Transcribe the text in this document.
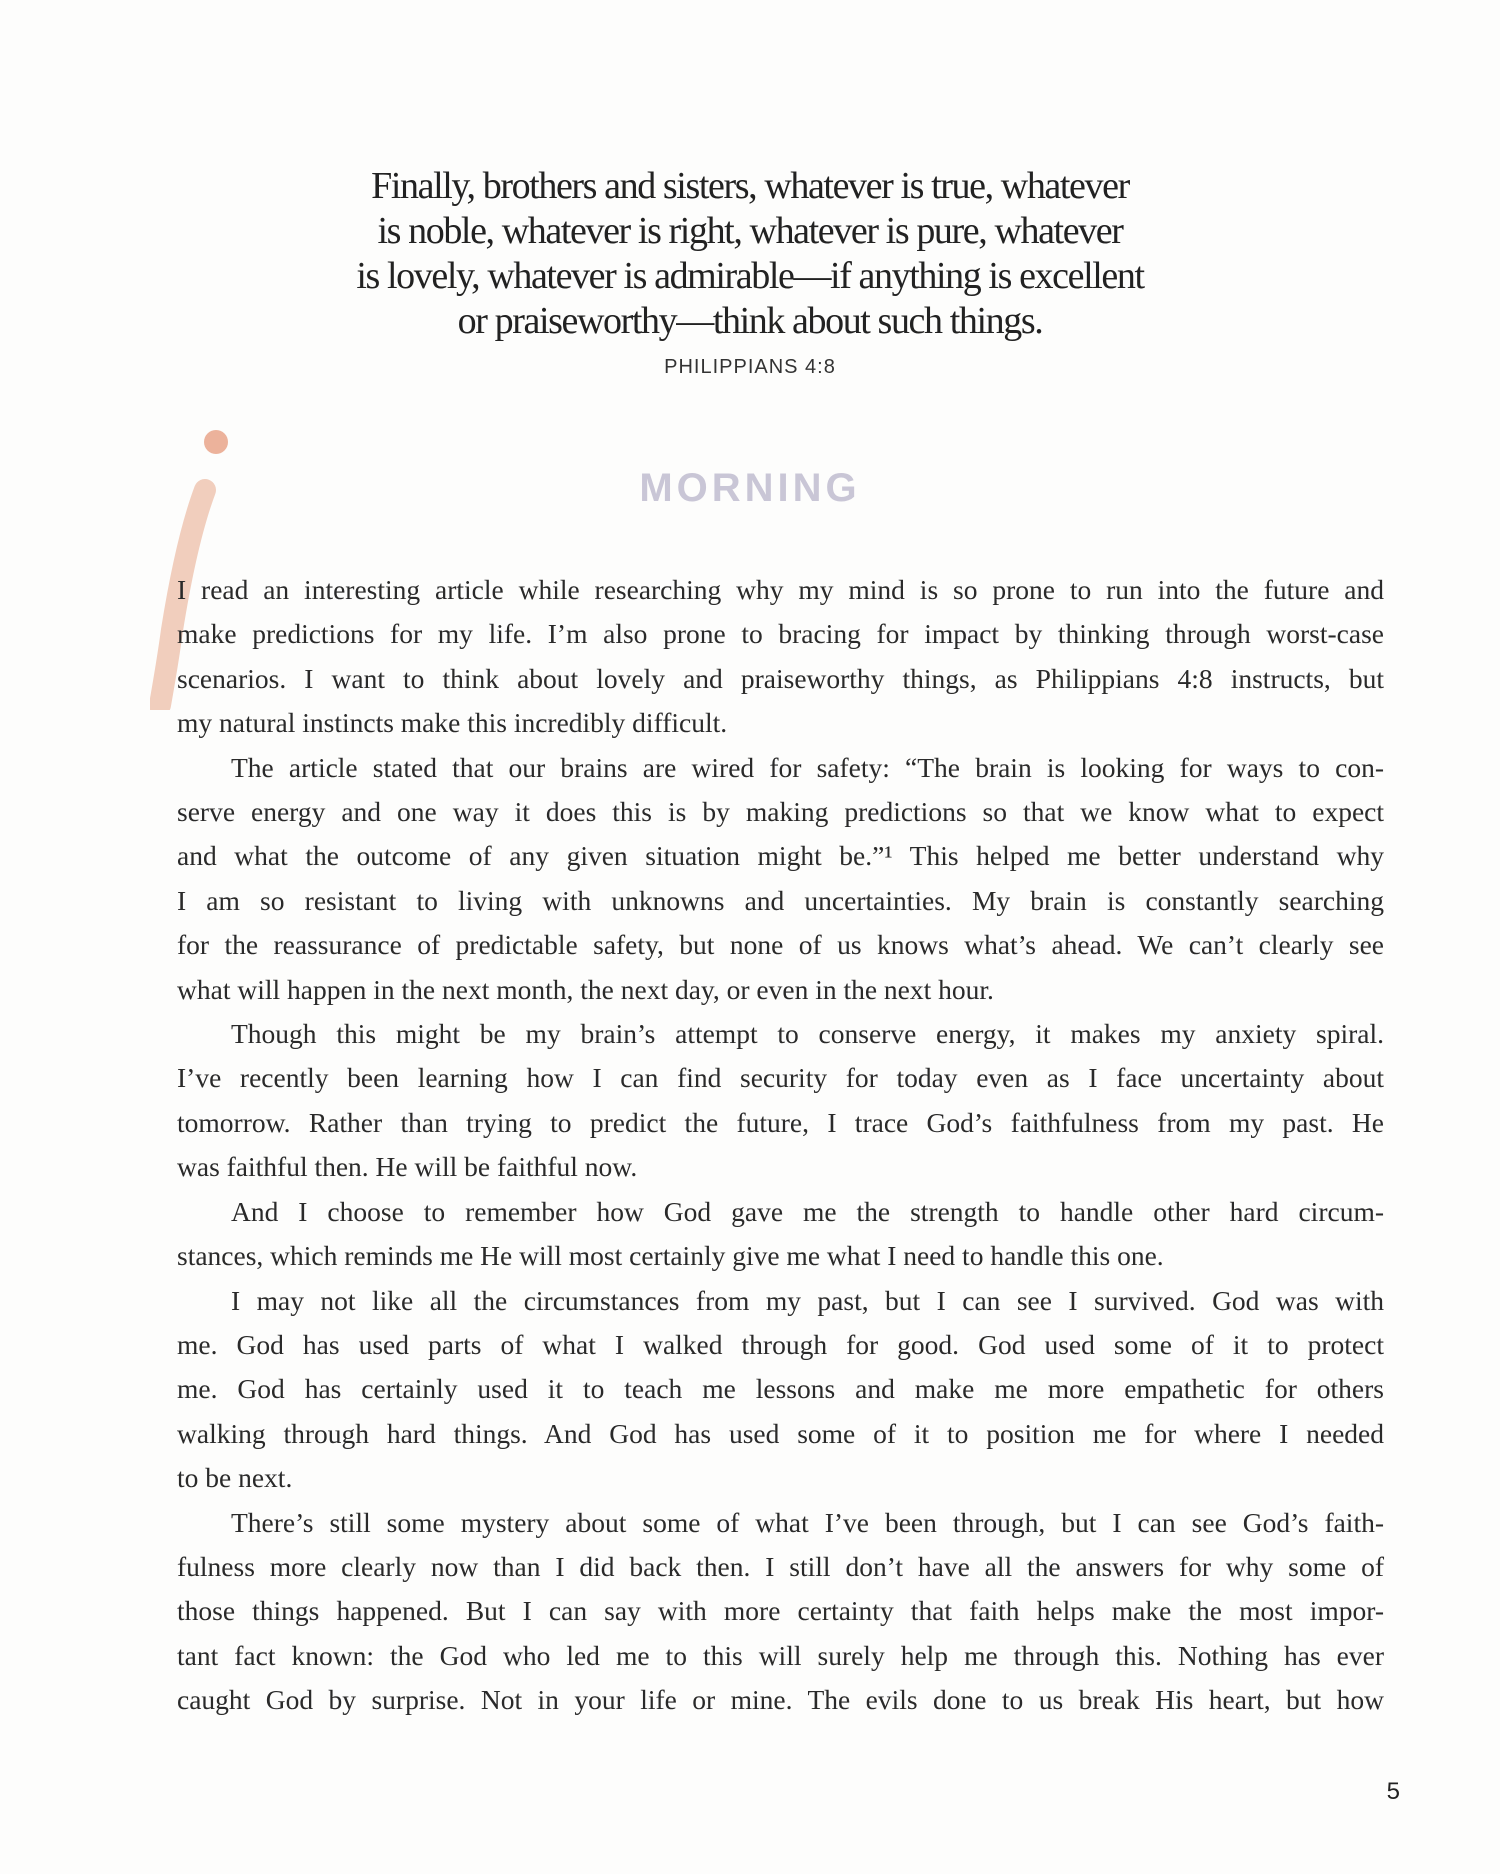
Finally, brothers and sisters, whatever is true, whatever
is noble, whatever is right, whatever is pure, whatever
is lovely, whatever is admirable—if anything is excellent
or praiseworthy—think about such things.
PHILIPPIANS 4:8
MORNING

I read an interesting article while researching why my mind is so prone to run into the future and
make predictions for my life. I’m also prone to bracing for impact by thinking through worst-case
scenarios. I want to think about lovely and praiseworthy things, as Philippians 4:8 instructs, but
my natural instincts make this incredibly difficult.

The article stated that our brains are wired for safety: “The brain is looking for ways to con-
serve energy and one way it does this is by making predictions so that we know what to expect
and what the outcome of any given situation might be.”¹ This helped me better understand why
I am so resistant to living with unknowns and uncertainties. My brain is constantly searching
for the reassurance of predictable safety, but none of us knows what’s ahead. We can’t clearly see
what will happen in the next month, the next day, or even in the next hour.

Though this might be my brain’s attempt to conserve energy, it makes my anxiety spiral.
I’ve recently been learning how I can find security for today even as I face uncertainty about
tomorrow. Rather than trying to predict the future, I trace God’s faithfulness from my past. He
was faithful then. He will be faithful now.

And I choose to remember how God gave me the strength to handle other hard circum-
stances, which reminds me He will most certainly give me what I need to handle this one.

I may not like all the circumstances from my past, but I can see I survived. God was with
me. God has used parts of what I walked through for good. God used some of it to protect
me. God has certainly used it to teach me lessons and make me more empathetic for others
walking through hard things. And God has used some of it to position me for where I needed
to be next.

There’s still some mystery about some of what I’ve been through, but I can see God’s faith-
fulness more clearly now than I did back then. I still don’t have all the answers for why some of
those things happened. But I can say with more certainty that faith helps make the most impor-
tant fact known: the God who led me to this will surely help me through this. Nothing has ever
caught God by surprise. Not in your life or mine. The evils done to us break His heart, but how

5
